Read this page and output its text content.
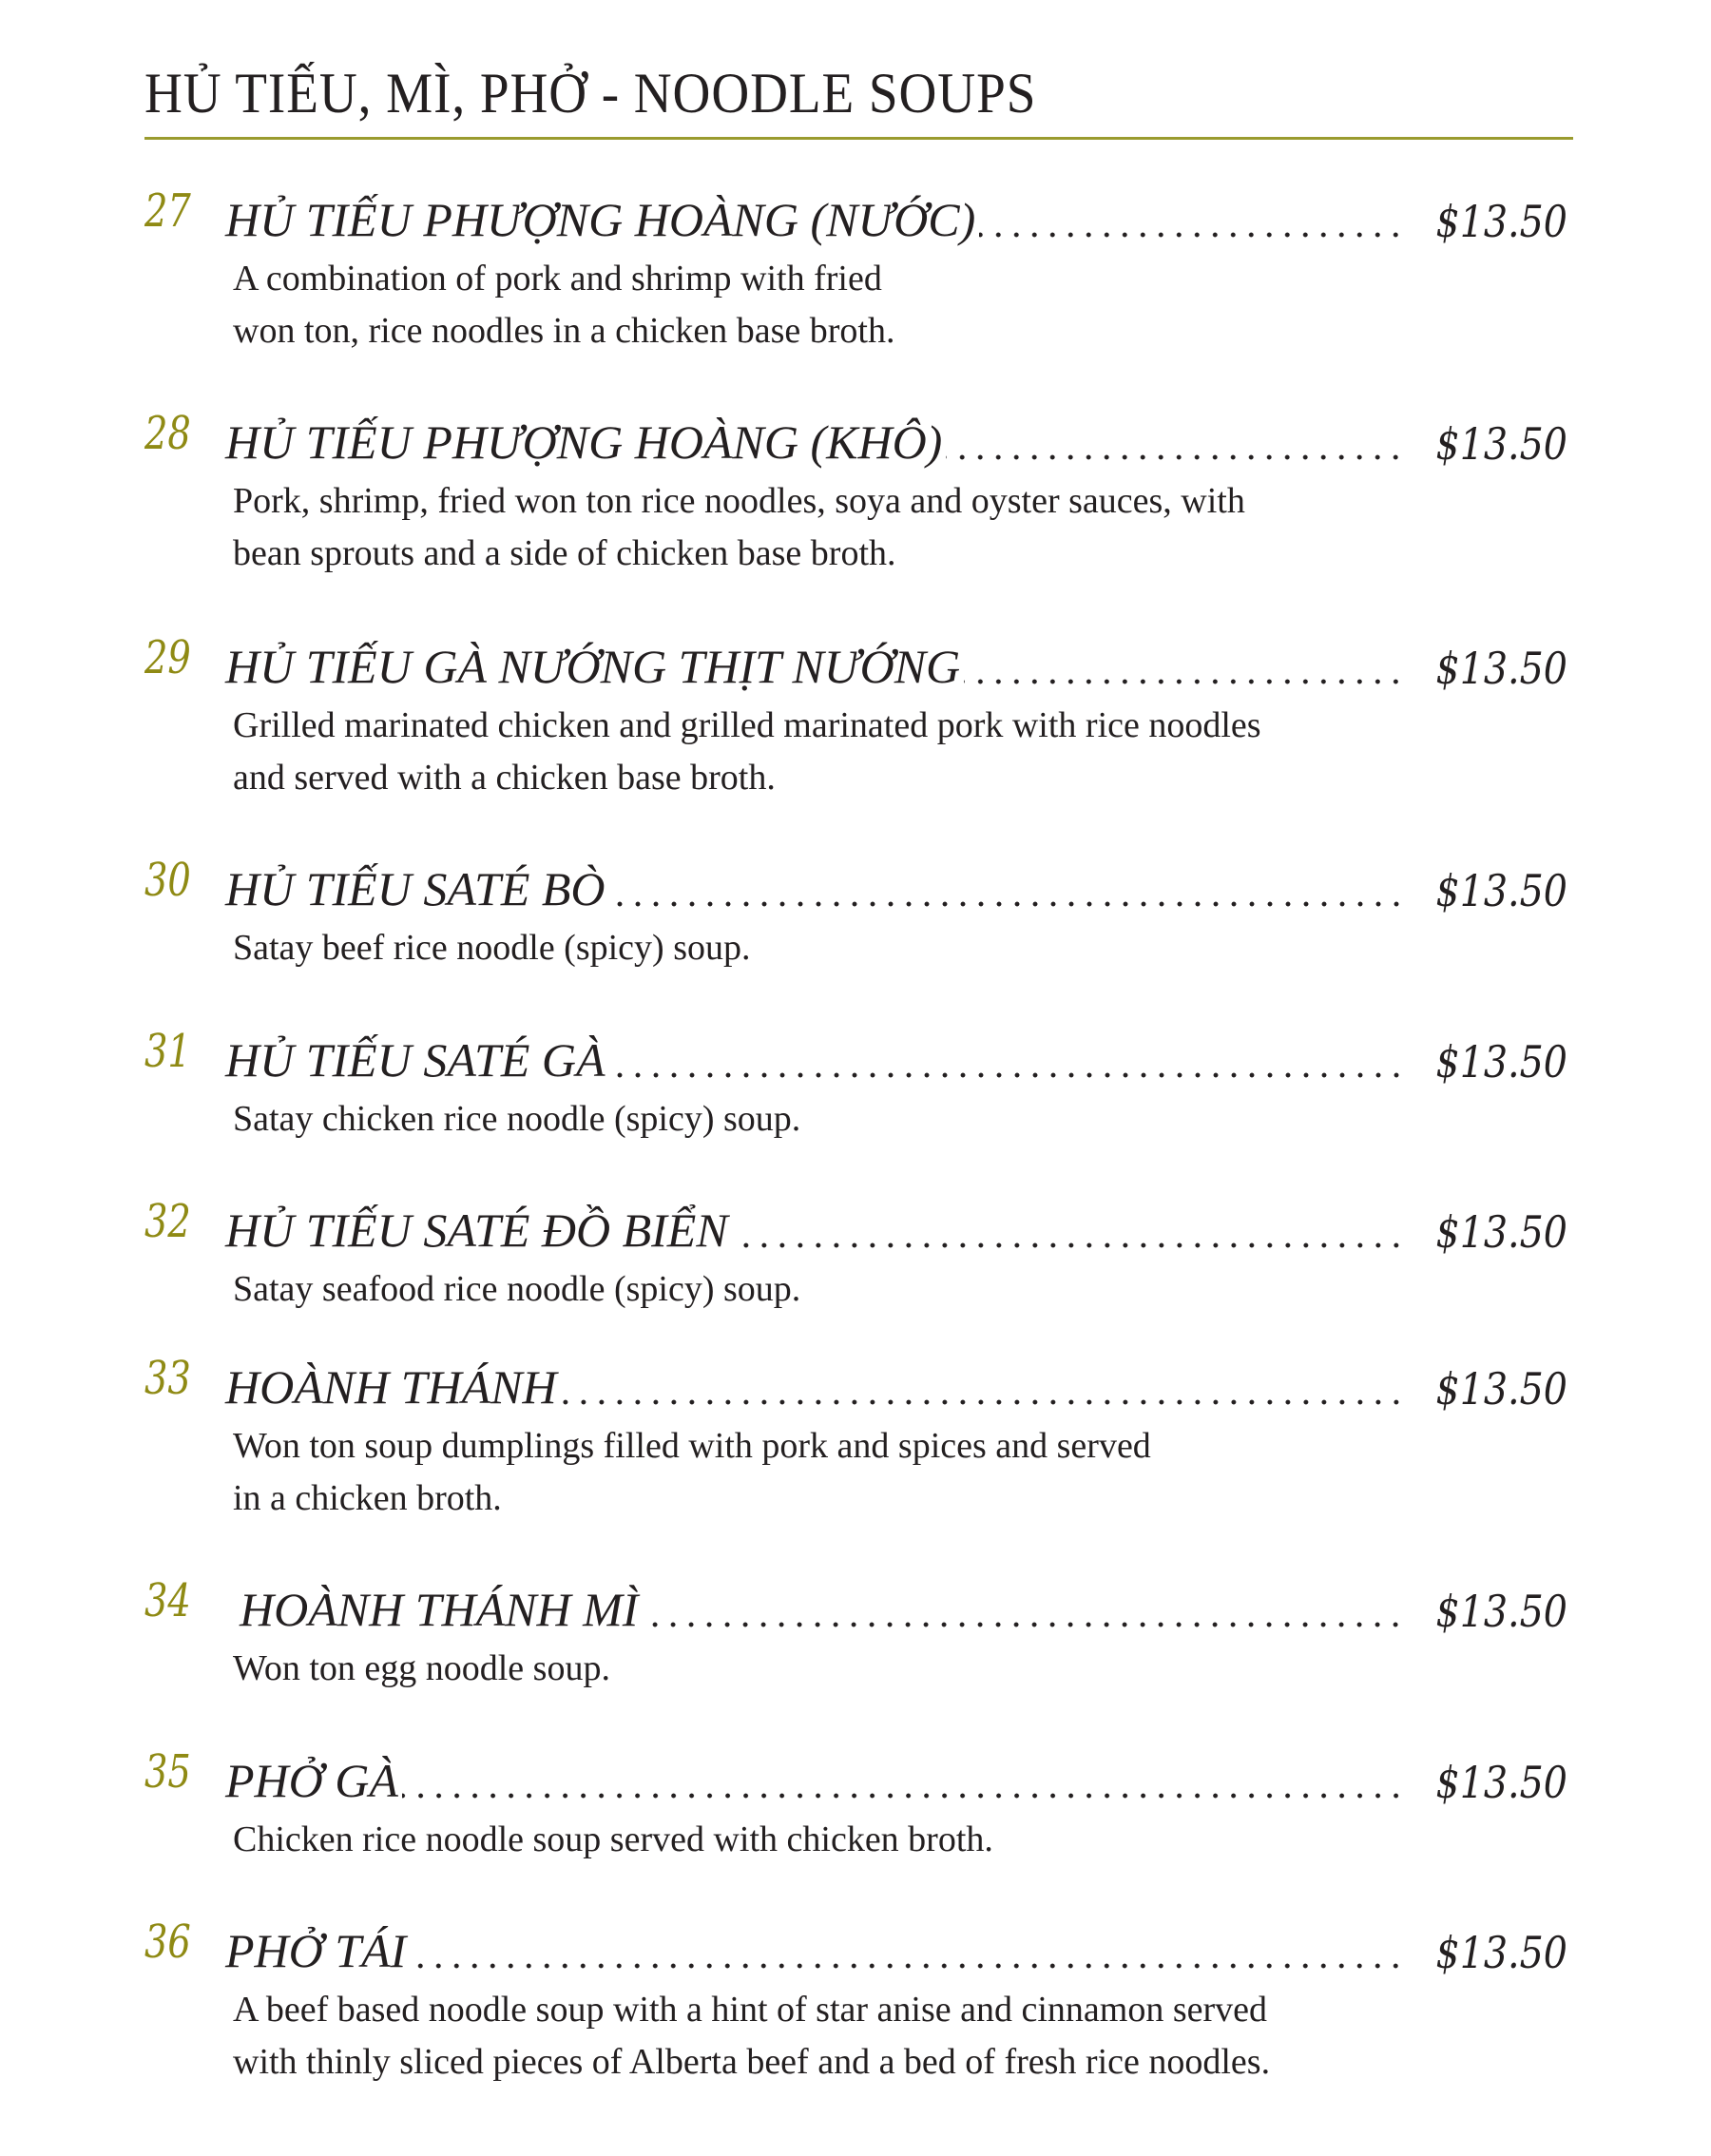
HỦ TIẾU, MÌ, PHỞ - NOODLE SOUPS
27 HỦ TIẾU PHƯỢNG HOÀNG (NƯỚC)	$13.50
A combination of pork and shrimp with fried
won ton, rice noodles in a chicken base broth.
28 HỦ TIẾU PHƯỢNG HOÀNG (KHÔ)	$13.50
Pork, shrimp, fried won ton rice noodles, soya and oyster sauces, with
bean sprouts and a side of chicken base broth.
29 HỦ TIẾU GÀ NƯỚNG THỊT NƯỚNG	$13.50
Grilled marinated chicken and grilled marinated pork with rice noodles
and served with a chicken base broth.
30 HỦ TIẾU SATÉ BÒ	$13.50
Satay beef rice noodle (spicy) soup.
31 HỦ TIẾU SATÉ GÀ	$13.50
Satay chicken rice noodle (spicy) soup.
32 HỦ TIẾU SATÉ ĐỒ BIỂN	$13.50
Satay seafood rice noodle (spicy) soup.
33 HOÀNH THÁNH	$13.50
Won ton soup dumplings filled with pork and spices and served
in a chicken broth.
34 HOÀNH THÁNH MÌ	$13.50
Won ton egg noodle soup.
35 PHỞ GÀ	$13.50
Chicken rice noodle soup served with chicken broth.
36 PHỞ TÁI	$13.50
A beef based noodle soup with a hint of star anise and cinnamon served
with thinly sliced pieces of Alberta beef and a bed of fresh rice noodles.
